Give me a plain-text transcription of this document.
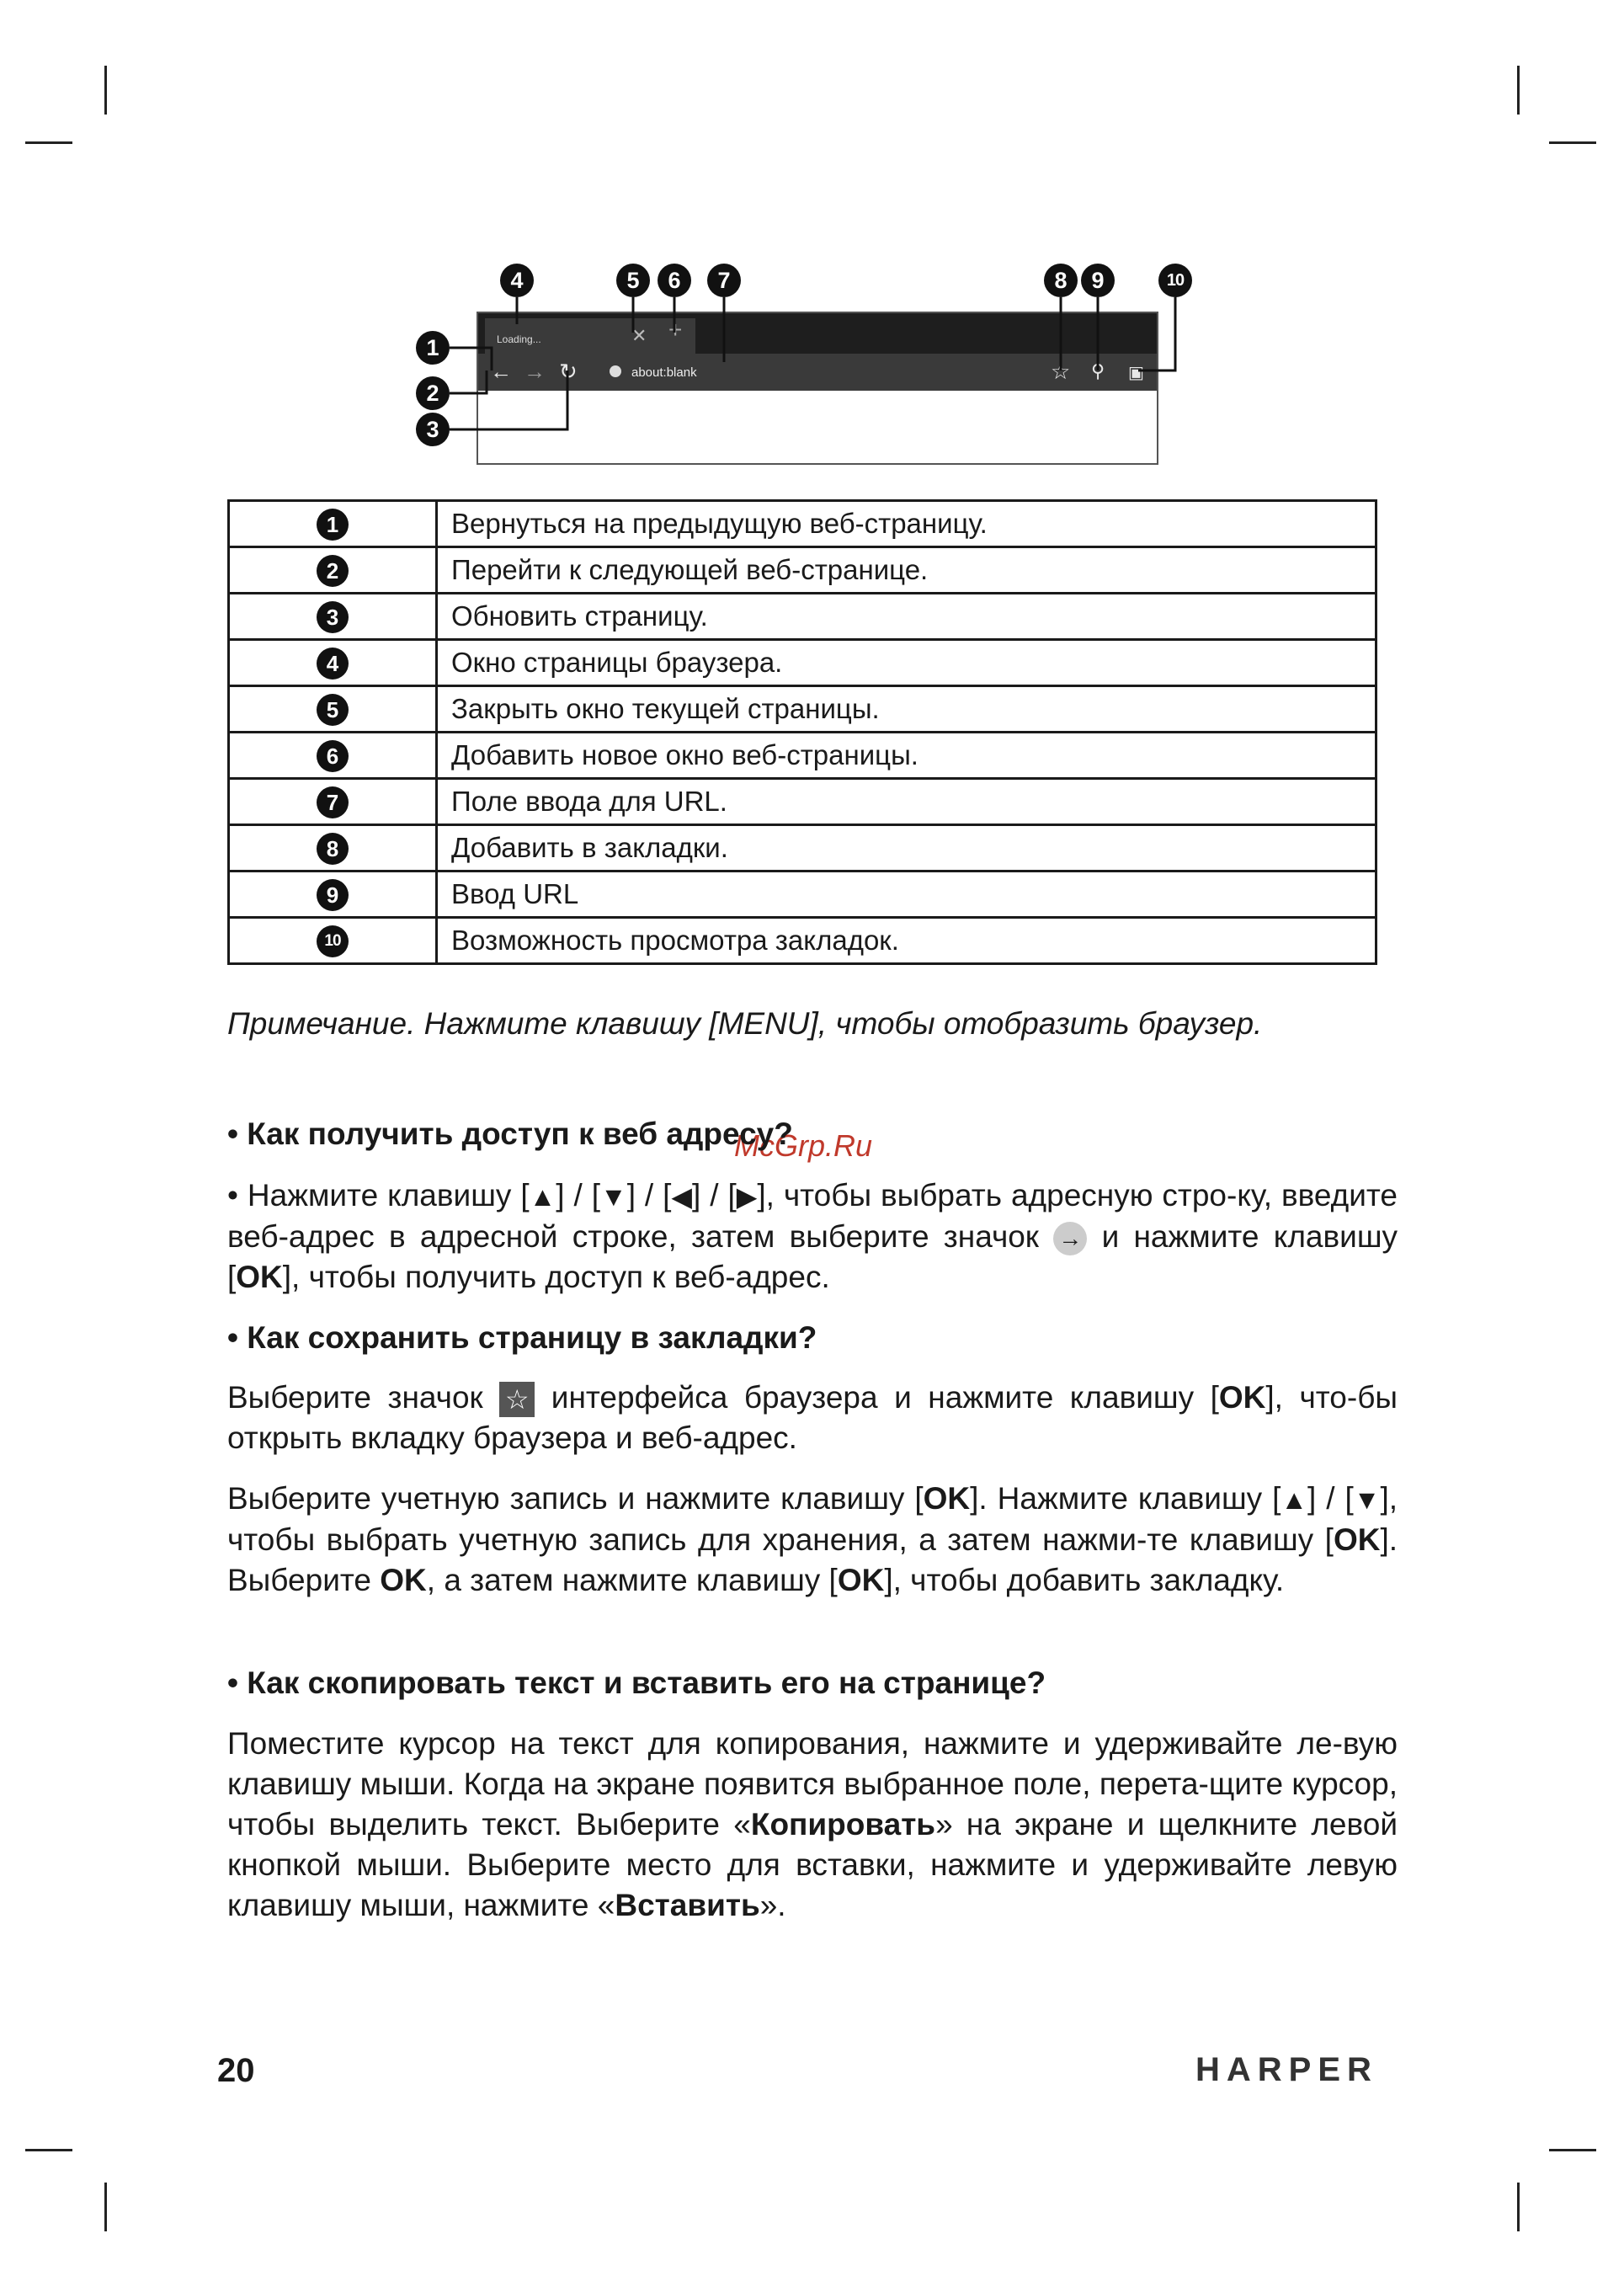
Loading...	✕ +
← → ↻	about:blank	☆ ⚲ ▣
1
2
3
4	5	6	7	8	9	10
1	Вернуться на предыдущую веб-страницу.
2	Перейти к следующей веб-странице.
3	Обновить страницу.
4	Окно страницы браузера.
5	Закрыть окно текущей страницы.
6	Добавить новое окно веб-страницы.
7	Поле ввода для URL.
8	Добавить в закладки.
9	Ввод URL
10	Возможность просмотра закладок.
Примечание. Нажмите клавишу [MENU], чтобы отобразить браузер.
McGrp.Ru
• Как получить доступ к веб адресу?
• Нажмите клавишу [▲] / [▼] / [◀] / [▶], чтобы выбрать адресную стро-ку, введите веб-адрес в адресной строке, затем выберите значок → и нажмите клавишу [OK], чтобы получить доступ к веб-адрес.
• Как сохранить страницу в закладки?
Выберите значок ☆ интерфейса браузера и нажмите клавишу [OK], что-бы открыть вкладку браузера и веб-адрес.
Выберите учетную запись и нажмите клавишу [OK]. Нажмите клавишу [▲] / [▼], чтобы выбрать учетную запись для хранения, а затем нажми-те клавишу [OK]. Выберите OK, а затем нажмите клавишу [OK], чтобы добавить закладку.
• Как скопировать текст и вставить его на странице?
Поместите курсор на текст для копирования, нажмите и удерживайте ле-вую клавишу мыши. Когда на экране появится выбранное поле, перета-щите курсор, чтобы выделить текст. Выберите «Копировать» на экране и щелкните левой кнопкой мыши. Выберите место для вставки, нажмите и удерживайте левую клавишу мыши, нажмите «Вставить».
20	HARPER
